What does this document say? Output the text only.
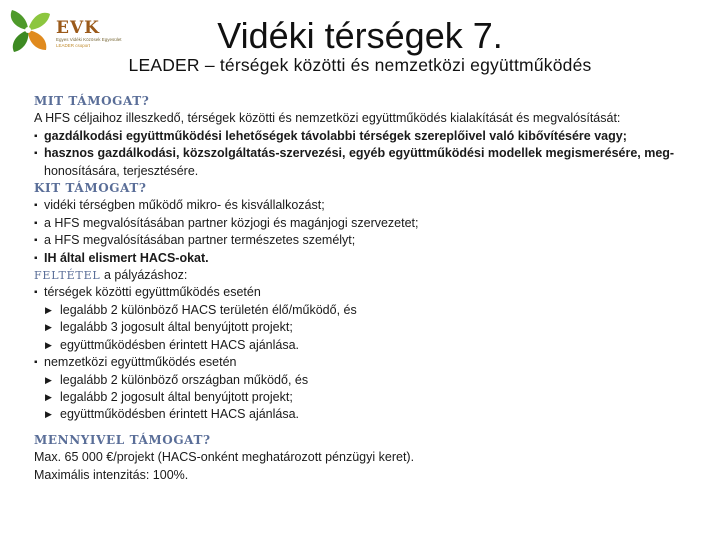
EVK
Egyes Vidéki Közösek Egyesület
LEADER csoport	Vidéki térségek 7.
LEADER – térségek közötti és nemzetközi együttműködés
MIT TÁMOGAT?
A HFS céljaihoz illeszkedő, térségek közötti és nemzetközi együttműködés kialakítását és megvalósítását:
▪ gazdálkodási együttműködési lehetőségek távolabbi térségek szereplőivel való kibővítésére vagy;
▪ hasznos gazdálkodási, közszolgáltatás-szervezési, egyéb együttműködési modellek megismerésére, meg-
honosítására, terjesztésére.
KIT TÁMOGAT?
▪ vidéki térségben működő mikro- és kisvállalkozást;
▪ a HFS megvalósításában partner közjogi és magánjogi szervezetet;
▪ a HFS megvalósításában partner természetes személyt;
▪ IH által elismert HACS-okat.
FELTÉTEL a pályázáshoz:
▪ térségek közötti együttműködés esetén
▶ legalább 2 különböző HACS területén élő/működő, és
▶ legalább 3 jogosult által benyújtott projekt;
▶ együttműködésben érintett HACS ajánlása.
▪ nemzetközi együttműködés esetén
▶ legalább 2 különböző országban működő, és
▶ legalább 2 jogosult által benyújtott projekt;
▶ együttműködésben érintett HACS ajánlása.
MENNYIVEL TÁMOGAT?
Max. 65 000 €/projekt (HACS-onként meghatározott pénzügyi keret).
Maximális intenzitás: 100%.
